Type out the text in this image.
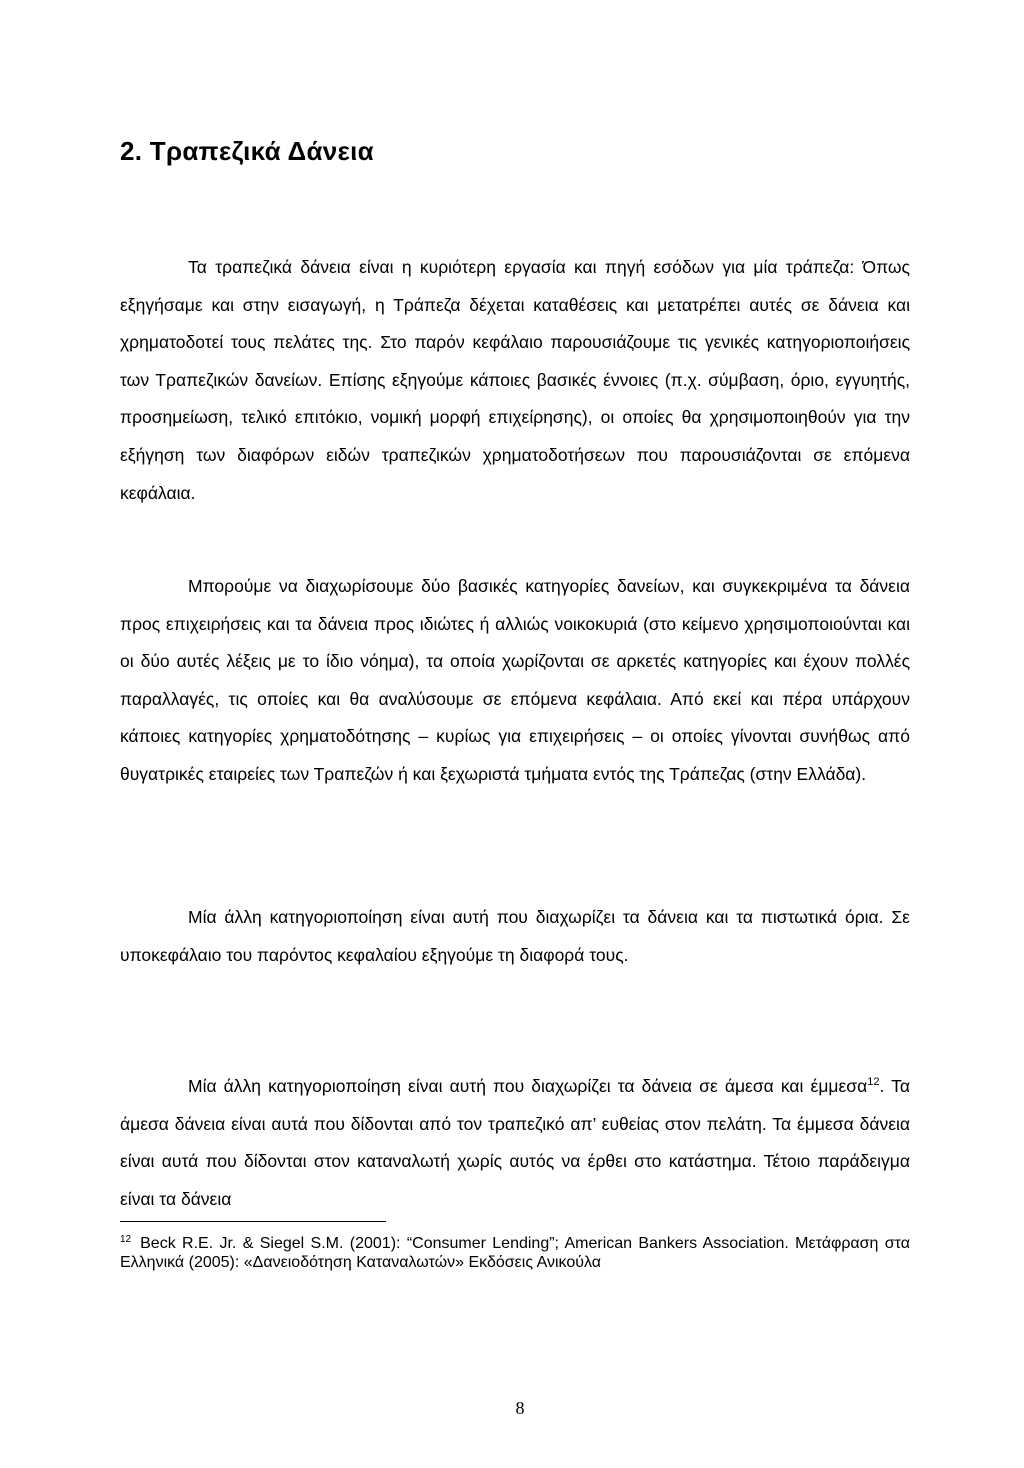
2. Τραπεζικά Δάνεια

Τα τραπεζικά δάνεια είναι η κυριότερη εργασία και πηγή εσόδων για μία τράπεζα: Όπως εξηγήσαμε και στην εισαγωγή, η Τράπεζα δέχεται καταθέσεις και μετατρέπει αυτές σε δάνεια και χρηματοδοτεί τους πελάτες της. Στο παρόν κεφάλαιο παρουσιάζουμε τις γενικές κατηγοριοποιήσεις των Τραπεζικών δανείων. Επίσης εξηγούμε κάποιες βασικές έννοιες (π.χ. σύμβαση, όριο, εγγυητής, προσημείωση, τελικό επιτόκιο, νομική μορφή επιχείρησης), οι οποίες θα χρησιμοποιηθούν για την εξήγηση των διαφόρων ειδών τραπεζικών χρηματοδοτήσεων που παρουσιάζονται σε επόμενα κεφάλαια.

Μπορούμε να διαχωρίσουμε δύο βασικές κατηγορίες δανείων, και συγκεκριμένα τα δάνεια προς επιχειρήσεις και τα δάνεια προς ιδιώτες ή αλλιώς νοικοκυριά (στο κείμενο χρησιμοποιούνται και οι δύο αυτές λέξεις με το ίδιο νόημα), τα οποία χωρίζονται σε αρκετές κατηγορίες και έχουν πολλές παραλλαγές, τις οποίες και θα αναλύσουμε σε επόμενα κεφάλαια. Από εκεί και πέρα υπάρχουν κάποιες κατηγορίες χρηματοδότησης – κυρίως για επιχειρήσεις – οι οποίες γίνονται συνήθως από θυγατρικές εταιρείες των Τραπεζών ή και ξεχωριστά τμήματα εντός της Τράπεζας (στην Ελλάδα).

Μία άλλη κατηγοριοποίηση είναι αυτή που διαχωρίζει τα δάνεια και τα πιστωτικά όρια. Σε υποκεφάλαιο του παρόντος κεφαλαίου εξηγούμε τη διαφορά τους.

Μία άλλη κατηγοριοποίηση είναι αυτή που διαχωρίζει τα δάνεια σε άμεσα και έμμεσα$^{12}$. Τα άμεσα δάνεια είναι αυτά που δίδονται από τον τραπεζικό απ’ ευθείας στον πελάτη. Τα έμμεσα δάνεια είναι αυτά που δίδονται στον καταναλωτή χωρίς αυτός να έρθει στο κατάστημα. Τέτοιο παράδειγμα είναι τα δάνεια

$^{12}$ Beck R.E. Jr. & Siegel S.M. (2001): “Consumer Lending”; American Bankers Association. Μετάφραση στα Ελληνικά (2005): «Δανειοδότηση Καταναλωτών» Εκδόσεις Ανικούλα

8
